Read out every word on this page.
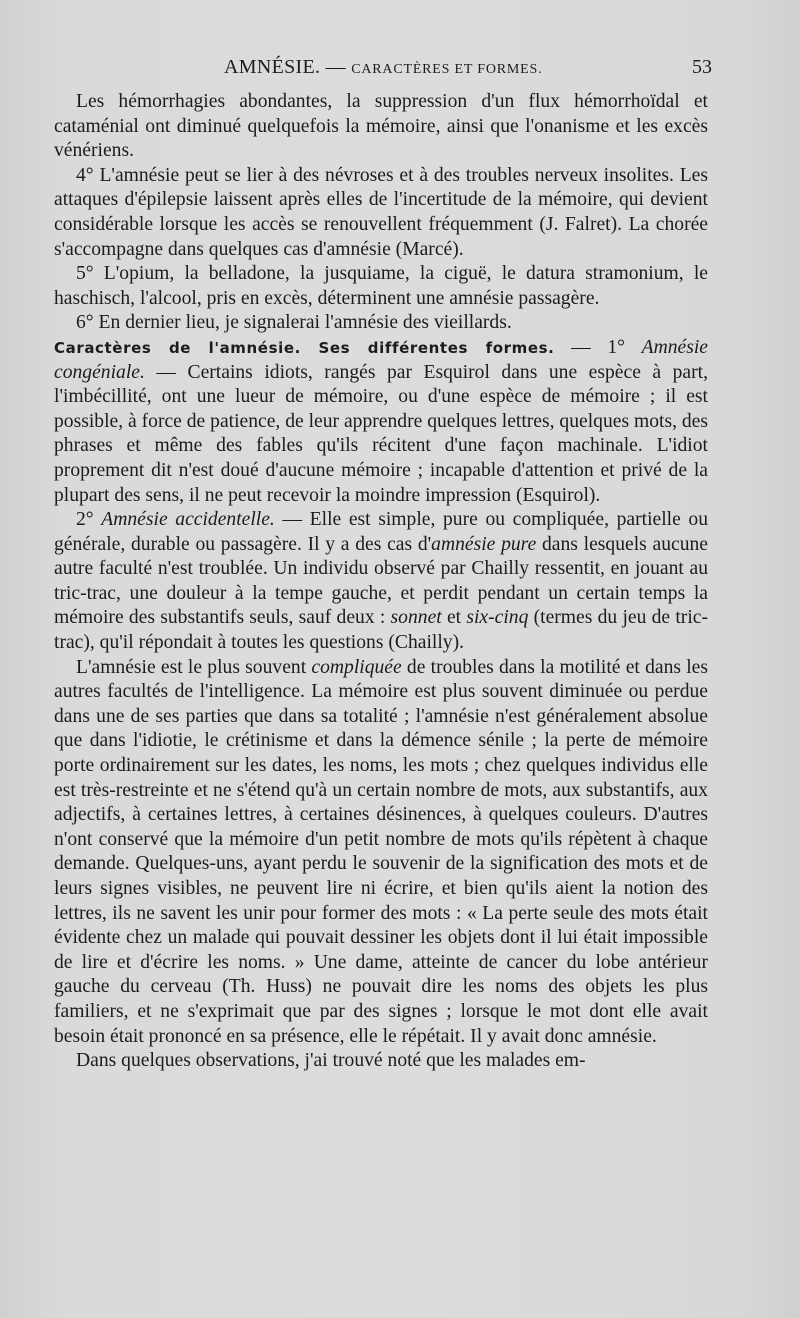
AMNÉSIE. — CARACTÈRES ET FORMES.	53

Les hémorrhagies abondantes, la suppression d'un flux hémorrhoïdal et cataménial ont diminué quelquefois la mémoire, ainsi que l'onanisme et les excès vénériens.

4° L'amnésie peut se lier à des névroses et à des troubles nerveux insolites. Les attaques d'épilepsie laissent après elles de l'incertitude de la mémoire, qui devient considérable lorsque les accès se renouvellent fréquemment (J. Falret). La chorée s'accompagne dans quelques cas d'amnésie (Marcé).

5° L'opium, la belladone, la jusquiame, la ciguë, le datura stramonium, le haschisch, l'alcool, pris en excès, déterminent une amnésie passagère.

6° En dernier lieu, je signalerai l'amnésie des vieillards.

Caractères de l'amnésie. Ses différentes formes. — 1° Amnésie congéniale. — Certains idiots, rangés par Esquirol dans une espèce à part, l'imbécillité, ont une lueur de mémoire, ou d'une espèce de mémoire ; il est possible, à force de patience, de leur apprendre quelques lettres, quelques mots, des phrases et même des fables qu'ils récitent d'une façon machinale. L'idiot proprement dit n'est doué d'aucune mémoire ; incapable d'attention et privé de la plupart des sens, il ne peut recevoir la moindre impression (Esquirol).

2° Amnésie accidentelle. — Elle est simple, pure ou compliquée, partielle ou générale, durable ou passagère. Il y a des cas d'amnésie pure dans lesquels aucune autre faculté n'est troublée. Un individu observé par Chailly ressentit, en jouant au tric-trac, une douleur à la tempe gauche, et perdit pendant un certain temps la mémoire des substantifs seuls, sauf deux : sonnet et six-cinq (termes du jeu de tric-trac), qu'il répondait à toutes les questions (Chailly).

L'amnésie est le plus souvent compliquée de troubles dans la motilité et dans les autres facultés de l'intelligence. La mémoire est plus souvent diminuée ou perdue dans une de ses parties que dans sa totalité ; l'amnésie n'est généralement absolue que dans l'idiotie, le crétinisme et dans la démence sénile ; la perte de mémoire porte ordinairement sur les dates, les noms, les mots ; chez quelques individus elle est très-restreinte et ne s'étend qu'à un certain nombre de mots, aux substantifs, aux adjectifs, à certaines lettres, à certaines désinences, à quelques couleurs. D'autres n'ont conservé que la mémoire d'un petit nombre de mots qu'ils répètent à chaque demande. Quelques-uns, ayant perdu le souvenir de la signification des mots et de leurs signes visibles, ne peuvent lire ni écrire, et bien qu'ils aient la notion des lettres, ils ne savent les unir pour former des mots : « La perte seule des mots était évidente chez un malade qui pouvait dessiner les objets dont il lui était impossible de lire et d'écrire les noms. » Une dame, atteinte de cancer du lobe antérieur gauche du cerveau (Th. Huss) ne pouvait dire les noms des objets les plus familiers, et ne s'exprimait que par des signes ; lorsque le mot dont elle avait besoin était prononcé en sa présence, elle le répétait. Il y avait donc amnésie.

Dans quelques observations, j'ai trouvé noté que les malades em-
